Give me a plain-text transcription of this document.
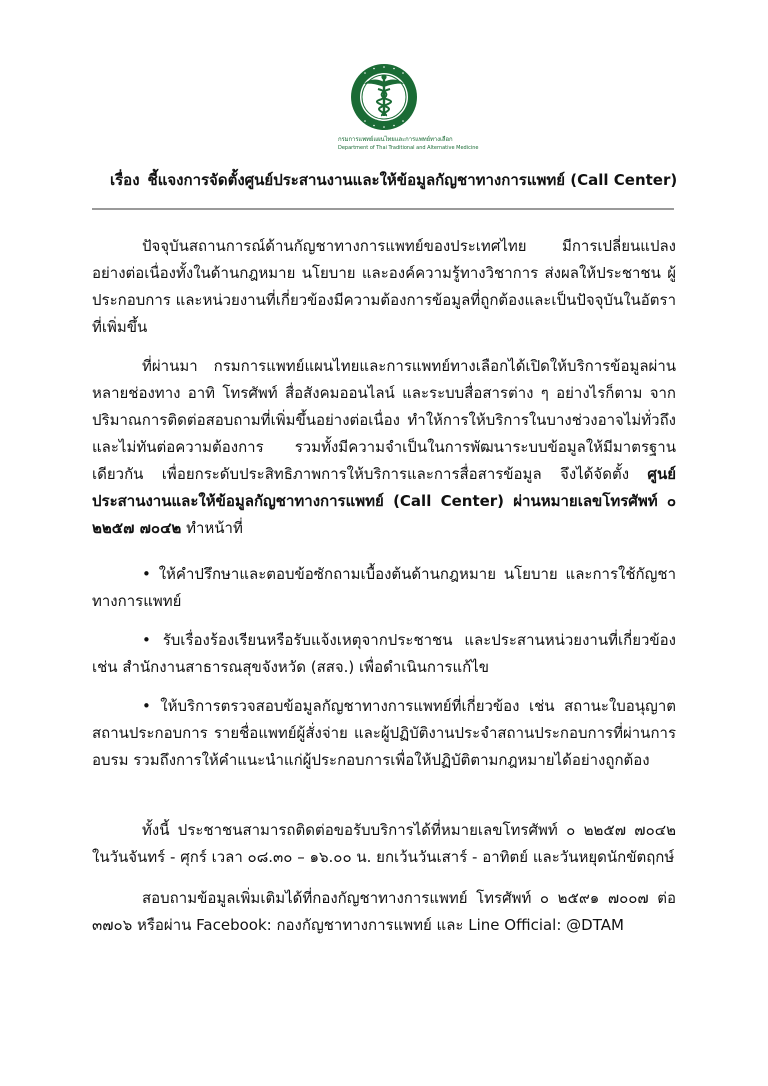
กรมการแพทย์แผนไทยและการแพทย์ทางเลือก
Department of Thai Traditional and Alternative Medicine
เรื่อง ชี้แจงการจัดตั้งศูนย์ประสานงานและให้ข้อมูลกัญชาทางการแพทย์ (Call Center)
ปัจจุบันสถานการณ์ด้านกัญชาทางการแพทย์ของประเทศไทย มีการเปลี่ยนแปลงอย่างต่อเนื่องทั้งในด้านกฎหมาย นโยบาย และองค์ความรู้ทางวิชาการ ส่งผลให้ประชาชน ผู้ประกอบการ และหน่วยงานที่เกี่ยวข้องมีความต้องการข้อมูลที่ถูกต้องและเป็นปัจจุบันในอัตราที่เพิ่มขึ้น
ที่ผ่านมา กรมการแพทย์แผนไทยและการแพทย์ทางเลือกได้เปิดให้บริการข้อมูลผ่านหลายช่องทาง อาทิ โทรศัพท์ สื่อสังคมออนไลน์ และระบบสื่อสารต่าง ๆ อย่างไรก็ตาม จากปริมาณการติดต่อสอบถามที่เพิ่มขึ้นอย่างต่อเนื่อง ทำให้การให้บริการในบางช่วงอาจไม่ทั่วถึง และไม่ทันต่อความต้องการ รวมทั้งมีความจำเป็นในการพัฒนาระบบข้อมูลให้มีมาตรฐานเดียวกัน เพื่อยกระดับประสิทธิภาพการให้บริการและการสื่อสารข้อมูล จึงได้จัดตั้ง ศูนย์ประสานงานและให้ข้อมูลกัญชาทางการแพทย์ (Call Center) ผ่านหมายเลขโทรศัพท์ ๐ ๒๒๕๗ ๗๐๔๒ ทำหน้าที่
• ให้คำปรึกษาและตอบข้อซักถามเบื้องต้นด้านกฎหมาย นโยบาย และการใช้กัญชาทางการแพทย์
• รับเรื่องร้องเรียนหรือรับแจ้งเหตุจากประชาชน และประสานหน่วยงานที่เกี่ยวข้อง เช่น สำนักงานสาธารณสุขจังหวัด (สสจ.) เพื่อดำเนินการแก้ไข
• ให้บริการตรวจสอบข้อมูลกัญชาทางการแพทย์ที่เกี่ยวข้อง เช่น สถานะใบอนุญาตสถานประกอบการ รายชื่อแพทย์ผู้สั่งจ่าย และผู้ปฏิบัติงานประจำสถานประกอบการที่ผ่านการอบรม รวมถึงการให้คำแนะนำแก่ผู้ประกอบการเพื่อให้ปฏิบัติตามกฎหมายได้อย่างถูกต้อง
ทั้งนี้ ประชาชนสามารถติดต่อขอรับบริการได้ที่หมายเลขโทรศัพท์ ๐ ๒๒๕๗ ๗๐๔๒ ในวันจันทร์ - ศุกร์ เวลา ๐๘.๓๐ – ๑๖.๐๐ น. ยกเว้นวันเสาร์ - อาทิตย์ และวันหยุดนักขัตฤกษ์
สอบถามข้อมูลเพิ่มเติมได้ที่กองกัญชาทางการแพทย์ โทรศัพท์ ๐ ๒๕๙๑ ๗๐๐๗ ต่อ ๓๗๐๖ หรือผ่าน Facebook: กองกัญชาทางการแพทย์ และ Line Official: @DTAM
